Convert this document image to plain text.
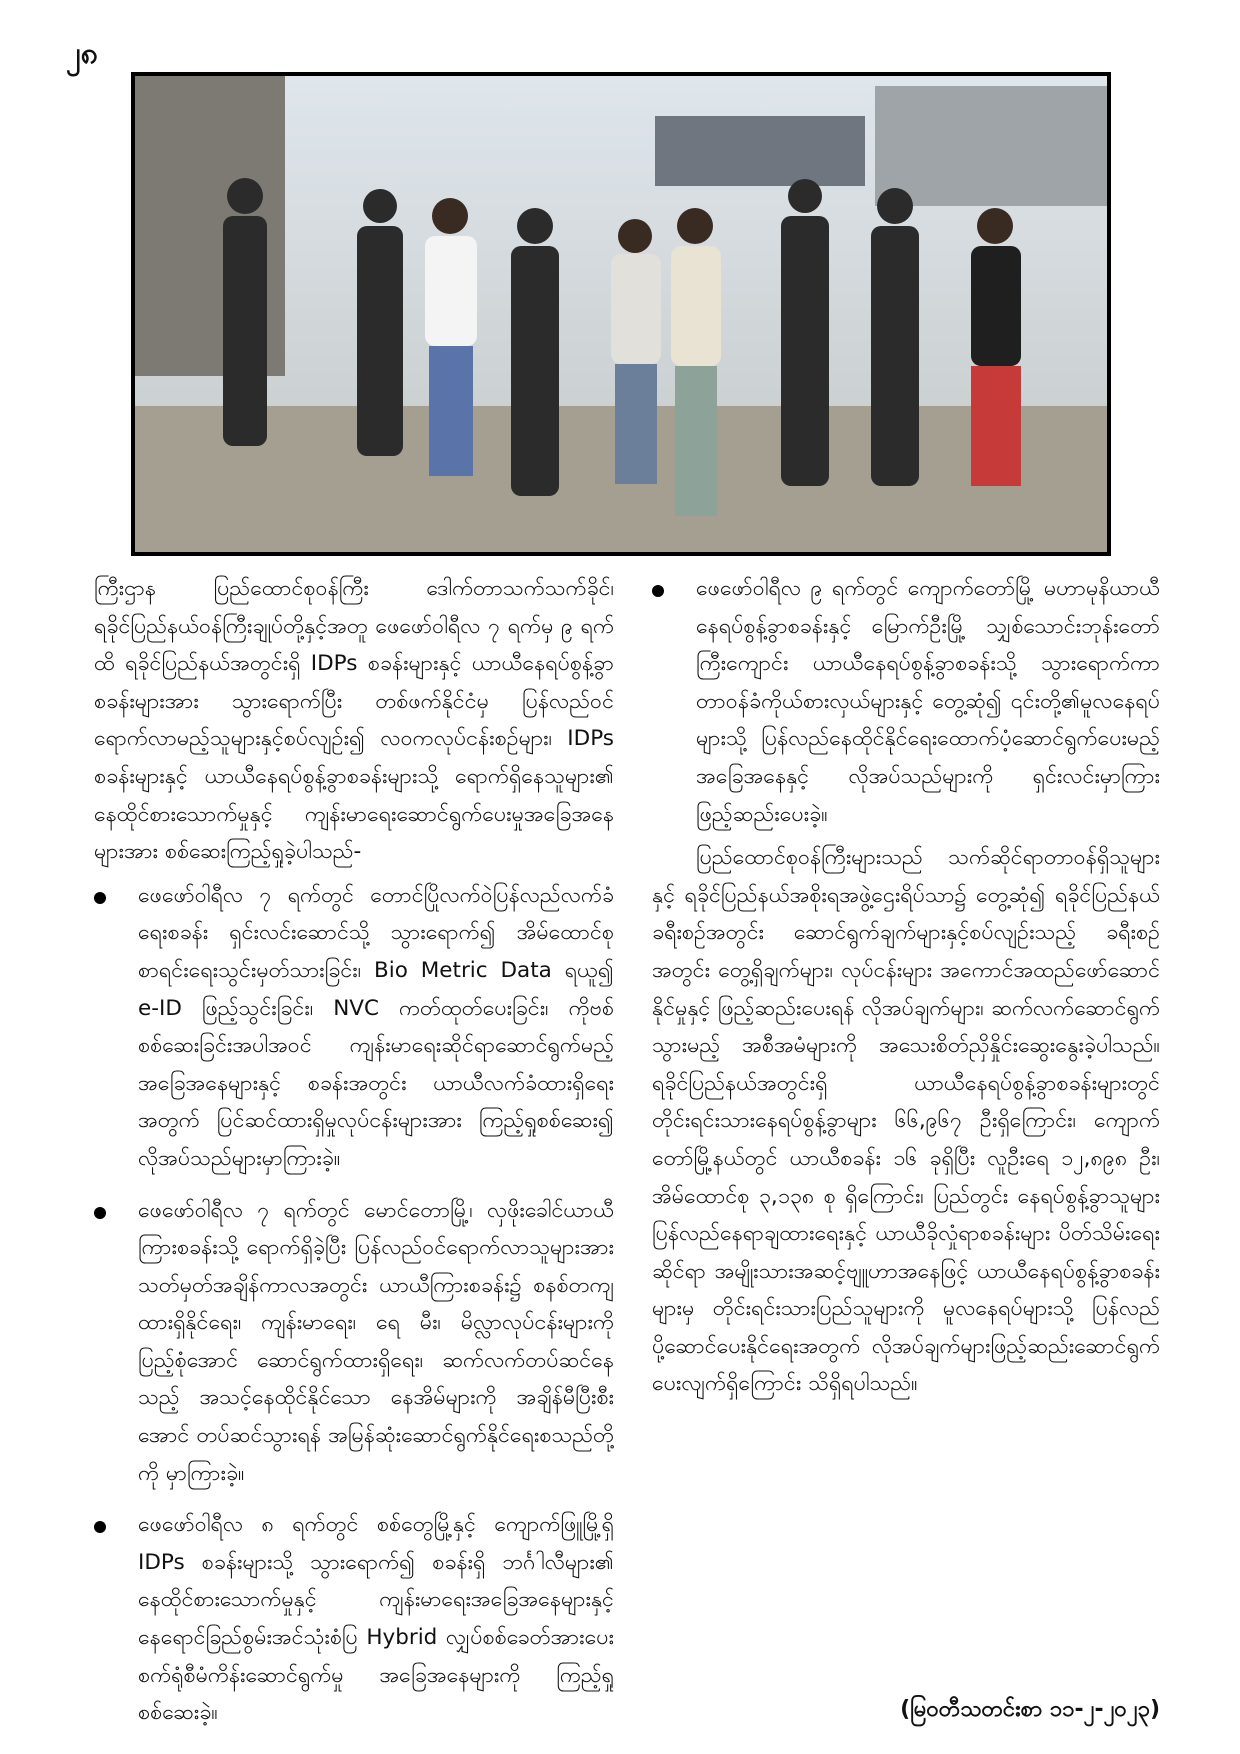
၂၈

ကြီးဌာန ပြည်ထောင်စုဝန်ကြီး ဒေါက်တာသက်သက်ခိုင်၊ ရခိုင်ပြည်နယ်ဝန်ကြီးချုပ်တို့နှင့်အတူ ဖေဖော်ဝါရီလ ၇ ရက်မှ ၉ ရက်ထိ ရခိုင်ပြည်နယ်အတွင်းရှိ IDPs စခန်းများနှင့် ယာယီနေရပ်စွန့်ခွာစခန်းများအား သွားရောက်ပြီး တစ်ဖက်နိုင်ငံမှ ပြန်လည်ဝင်ရောက်လာမည့်သူများနှင့်စပ်လျဉ်း၍ လဝကလုပ်ငန်းစဉ်များ၊ IDPs စခန်းများနှင့် ယာယီနေရပ်စွန့်ခွာစခန်းများသို့ ရောက်ရှိနေသူများ၏ နေထိုင်စားသောက်မှုနှင့် ကျန်းမာရေးဆောင်ရွက်ပေးမှုအခြေအနေများအား စစ်ဆေးကြည့်ရှုခဲ့ပါသည်-

ဖေဖော်ဝါရီလ ၇ ရက်တွင် တောင်ပြိုလက်ဝဲပြန်လည်လက်ခံရေးစခန်း ရှင်းလင်းဆောင်သို့ သွားရောက်၍ အိမ်ထောင်စုစာရင်းရေးသွင်းမှတ်သားခြင်း၊ Bio Metric Data ရယူ၍ e-ID ဖြည့်သွင်းခြင်း၊ NVC ကတ်ထုတ်ပေးခြင်း၊ ကိုဗစ်စစ်ဆေးခြင်းအပါအဝင် ကျန်းမာရေးဆိုင်ရာဆောင်ရွက်မည့်အခြေအနေများနှင့် စခန်းအတွင်း ယာယီလက်ခံထားရှိရေးအတွက် ပြင်ဆင်ထားရှိမှုလုပ်ငန်းများအား ကြည့်ရှုစစ်ဆေး၍ လိုအပ်သည်များမှာကြားခဲ့။
ဖေဖော်ဝါရီလ ၇ ရက်တွင် မောင်တောမြို့၊ လှဖိုးခေါင်ယာယီကြားစခန်းသို့ ရောက်ရှိခဲ့ပြီး ပြန်လည်ဝင်ရောက်လာသူများအား သတ်မှတ်အချိန်ကာလအတွင်း ယာယီကြားစခန်း၌ စနစ်တကျထားရှိနိုင်ရေး၊ ကျန်းမာရေး၊ ရေ မီး၊ မိလ္လာလုပ်ငန်းများကို ပြည့်စုံအောင် ဆောင်ရွက်ထားရှိရေး၊ ဆက်လက်တပ်ဆင်နေသည့် အသင့်နေထိုင်နိုင်သော နေအိမ်များကို အချိန်မီပြီးစီးအောင် တပ်ဆင်သွားရန် အမြန်ဆုံးဆောင်ရွက်နိုင်ရေးစသည်တို့ကို မှာကြားခဲ့။
ဖေဖော်ဝါရီလ ၈ ရက်တွင် စစ်တွေမြို့နှင့် ကျောက်ဖြူမြို့ရှိ IDPs စခန်းများသို့ သွားရောက်၍ စခန်းရှိ ဘင်္ဂါလီများ၏ နေထိုင်စားသောက်မှုနှင့် ကျန်းမာရေးအခြေအနေများနှင့် နေရောင်ခြည်စွမ်းအင်သုံးစံပြ Hybrid လျှပ်စစ်ခေတ်အားပေးစက်ရုံစီမံကိန်းဆောင်ရွက်မှု အခြေအနေများကို ကြည့်ရှုစစ်ဆေးခဲ့။
ဖေဖော်ဝါရီလ ၉ ရက်တွင် ကျောက်တော်မြို့ မဟာမုနိယာယီနေရပ်စွန့်ခွာစခန်းနှင့် မြောက်ဦးမြို့ သျှစ်သောင်းဘုန်းတော်ကြီးကျောင်း ယာယီနေရပ်စွန့်ခွာစခန်းသို့ သွားရောက်ကာ တာဝန်ခံကိုယ်စားလှယ်များနှင့် တွေ့ဆုံ၍ ၎င်းတို့၏မူလနေရပ်များသို့ ပြန်လည်နေထိုင်နိုင်ရေးထောက်ပံ့ဆောင်ရွက်ပေးမည့် အခြေအနေနှင့် လိုအပ်သည်များကို ရှင်းလင်းမှာကြားဖြည့်ဆည်းပေးခဲ့။

ပြည်ထောင်စုဝန်ကြီးများသည် သက်ဆိုင်ရာတာဝန်ရှိသူများနှင့် ရခိုင်ပြည်နယ်အစိုးရအဖွဲ့ဌေးရိပ်သာ၌ တွေ့ဆုံ၍ ရခိုင်ပြည်နယ်ခရီးစဉ်အတွင်း ဆောင်ရွက်ချက်များနှင့်စပ်လျဉ်းသည့် ခရီးစဉ်အတွင်း တွေ့ရှိချက်များ၊ လုပ်ငန်းများ အကောင်အထည်ဖော်ဆောင်နိုင်မှုနှင့် ဖြည့်ဆည်းပေးရန် လိုအပ်ချက်များ၊ ဆက်လက်ဆောင်ရွက်သွားမည့် အစီအမံများကို အသေးစိတ်ညှိနှိုင်းဆွေးနွေးခဲ့ပါသည်။ ရခိုင်ပြည်နယ်အတွင်းရှိ ယာယီနေရပ်စွန့်ခွာစခန်းများတွင် တိုင်းရင်းသားနေရပ်စွန့်ခွာများ ၆၆,၉၆၇ ဦးရှိကြောင်း၊ ကျောက်တော်မြို့နယ်တွင် ယာယီစခန်း ၁၆ ခုရှိပြီး လူဦးရေ ၁၂,၈၉၈ ဦး၊ အိမ်ထောင်စု ၃,၁၃၈ စု ရှိကြောင်း၊ ပြည်တွင်း နေရပ်စွန့်ခွာသူများ ပြန်လည်နေရာချထားရေးနှင့် ယာယီခိုလှုံရာစခန်းများ ပိတ်သိမ်းရေးဆိုင်ရာ အမျိုးသားအဆင့်ဗျူဟာအနေဖြင့် ယာယီနေရပ်စွန့်ခွာစခန်းများမှ တိုင်းရင်းသားပြည်သူများကို မူလနေရပ်များသို့ ပြန်လည်ပို့ဆောင်ပေးနိုင်ရေးအတွက် လိုအပ်ချက်များဖြည့်ဆည်းဆောင်ရွက်ပေးလျက်ရှိကြောင်း သိရှိရပါသည်။

(မြဝတီသတင်းစာ ၁၁-၂-၂၀၂၃)
